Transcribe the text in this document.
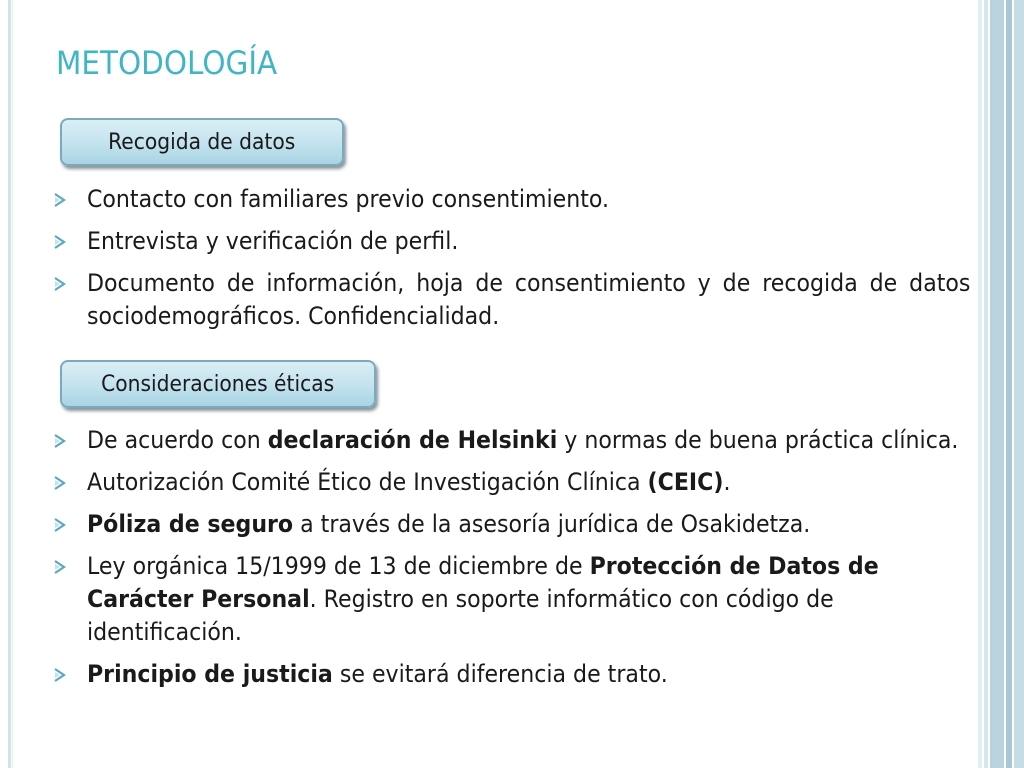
METODOLOGÍA
Recogida de datos
Contacto con familiares previo consentimiento.
Entrevista y verificación de perfil.
Documento de información, hoja de consentimiento y de recogida de datos sociodemográficos. Confidencialidad.
Consideraciones éticas
De acuerdo con declaración de Helsinki y normas de buena práctica clínica.
Autorización Comité Ético de Investigación Clínica (CEIC).
Póliza de seguro a través de la asesoría jurídica de Osakidetza.
Ley orgánica 15/1999 de 13 de diciembre de Protección de Datos de Carácter Personal. Registro en soporte informático con código de identificación.
Principio de justicia se evitará diferencia de trato.
